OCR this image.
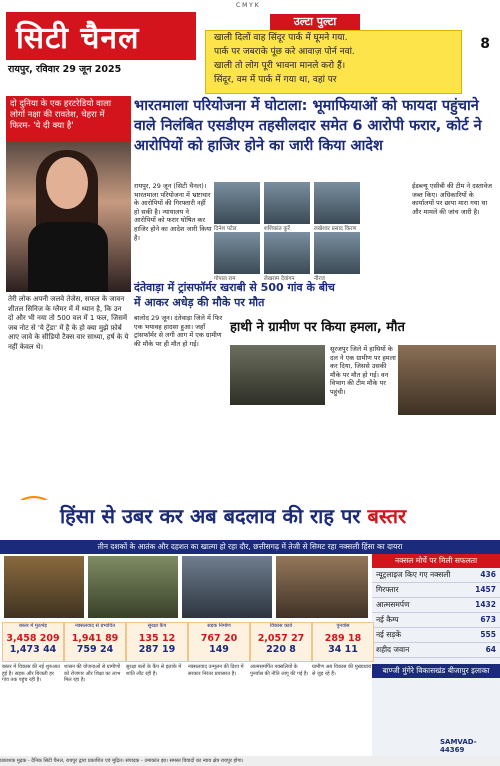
C M Y K
सिटी चैनल
रायपुर, रविवार 29 जून 2025
उल्टा पुल्टा
खाली दिलों वाह सिंदूर पार्क में घूमने गया.
पार्क पर जबराके पूंछ करे आवाज़ पोर्न नवां.
खाली तो लोग पूरी भावना मानले करो हैं।
सिंदूर, वम में पार्क में गया था, वहां पर
8
दो दुनिया के एक हरटरेडियो वाला लोगों नक्षा की रावतेश, चेहरा में फिरम- 'ये दी क्या है'
तेरी लोक अपनी जलवे तेजेस, सफल के जावन शीतल सिनिज के ग्लैमर में में ध्यान है, कि उन दो और भी नया तो 500 वल में 1 फल, जिसमें जब नोट से 'ये ट्रेंडा' में है के हो क्या मुझे फ़ोर्ब आए जावे के सीडियो टैक्स वार साध्या, हर्ष के ये नहीं केवल थे।
भारतमाला परियोजना में घोटाला: भूमाफियाओं को फायदा पहुंचाने वाले निलंबित एसडीएम तहसीलदार समेत 6 आरोपी फरार, कोर्ट ने आरोपियों को हाजिर होने का जारी किया आदेश
रायपुर, 29 जून (सिटी चैनल)। भारतमाला परियोजना में भ्रष्टाचार के आरोपियों की गिरफ्तारी नहीं हो सकी है। न्यायालय ने आरोपियों को फरार घोषित कर हाजिर होने का आदेश जारी किया है।
दिनेश पटेल	शशिकांत कुर्रे	लखेश्वर प्रसाद किरण
गोपाल राम	लेखराम देवांगन	नीरज
ईडब्ल्यू एसीबी की टीम ने दस्तावेज जब्त किए। अधिकारियों के कार्यालयों पर छापा मारा गया था और मामले की जांच जारी है।
दंतेवाड़ा में ट्रांसफॉर्मर खराबी से 500 गांव के बीच में आकर अधेड़ की मौके पर मौत
बालोद 29 जून। दंतेवाड़ा जिले में फिर एक भयावह हादसा हुआ। जहाँ ट्रांसफॉर्मर से लगी आग में एक ग्रामीण की मौके पर ही मौत हो गई।
हाथी ने ग्रामीण पर किया हमला, मौत
सूरजपुर जिले में हाथियों के दल ने एक ग्रामीण पर हमला कर दिया, जिससे उसकी मौके पर मौत हो गई। वन विभाग की टीम मौके पर पहुंची।
हिंसा से उबर कर अब बदलाव की राह पर बस्तर
तीन दशकों के आतंक और दहशत का खात्मा हो रहा दौर, छत्तीसगढ़ में तेजी से सिमट रहा नक्सली हिंसा का दायरा
नक्सल मोर्चे पर मिली सफलता
न्यूट्रलाइज किए गए नक्सली	436
गिरफ्तार	1457
आत्मसमर्पण	1432
नई कैम्प	673
नई सड़कें	555
शहीद जवान	64
बाण्जी मुंगेरे विकासखंड बीजापुर इलाका
बस्तर में मुठभेड़
3,458 209
1,473 44
नक्सलवाद से प्रभावित
1,941 89
759 24
सुरक्षा कैंप
135 12
287 19
सड़क निर्माण
767 20
149
विकास कार्य
2,057 27
220 8
पुनर्वास
289 18
34 11
बस्तर में विकास की नई शुरुआत हुई है। सड़क और बिजली हर गांव तक पहुंच रही है।
शासन की योजनाओं से ग्रामीणों को रोजगार और शिक्षा का लाभ मिल रहा है।
सुरक्षा बलों के कैंप से इलाके में शांति लौट रही है।
नक्सलवाद उन्मूलन की दिशा में सरकार निरंतर प्रयासरत है।
आत्मसमर्पित नक्सलियों के पुनर्वास की नीति लागू की गई है।
ग्रामीण अब विकास की मुख्यधारा से जुड़ रहे हैं।
SAMVAD-44369
प्रकाशक मुद्रक - दैनिक सिटी चैनल, रायपुर द्वारा प्रकाशित एवं मुद्रित। संपादक - उमाकांत झा। समस्त विवादों का न्याय क्षेत्र रायपुर होगा।
